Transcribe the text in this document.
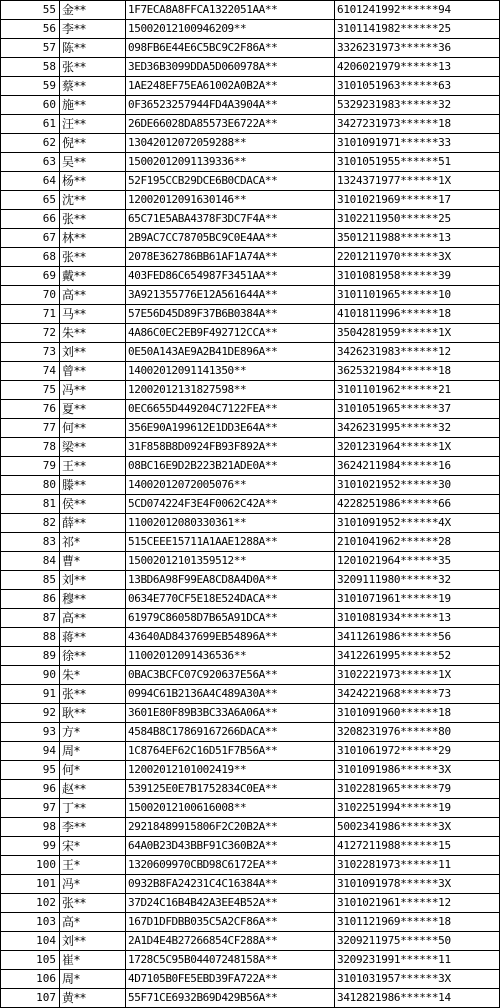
55	金**	1F7ECA8A8FFCA1322051AA**	6101241992******94
56	李**	15002012100946209**	3101141982******25
57	陈**	098FB6E44E6C5BC9C2F86A**	3326231973******36
58	张**	3ED36B3099DDA5D060978A**	4206021979******13
59	蔡**	1AE248EF75EA61002A0B2A**	3101051963******63
60	施**	0F36523257944FD4A3904A**	5329231983******32
61	汪**	26DE66028DA85573E6722A**	3427231973******18
62	倪**	13042012072059288**	3101091971******33
63	吴**	15002012091139336**	3101051955******51
64	杨**	52F195CCB29DCE6B0CDACA**	1324371977******1X
65	沈**	12002012091630146**	3101021969******17
66	张**	65C71E5ABA4378F3DC7F4A**	3102211950******25
67	林**	2B9AC7CC78705BC9C0E4AA**	3501211988******13
68	张**	2078E362786BB61AF1A74A**	2201211970******3X
69	戴**	403FED86C654987F3451AA**	3101081958******39
70	高**	3A921355776E12A561644A**	3101101965******10
71	马**	57E56D45D89F37B6B0384A**	4101811996******18
72	朱**	4A86C0EC2EB9F492712CCA**	3504281959******1X
73	刘**	0E50A143AE9A2B41DE896A**	3426231983******12
74	曾**	14002012091141350**	3625321984******18
75	冯**	12002012131827598**	3101101962******21
76	夏**	0EC6655D449204C7122FEA**	3101051965******37
77	何**	356E90A199612E1DD3E64A**	3426231995******32
78	梁**	31F858B8D0924FB93F892A**	3201231964******1X
79	王**	08BC16E9D2B223B21ADE0A**	3624211984******16
80	滕**	14002012072005076**	3101021952******30
81	侯**	5CD074224F3E4F0062C42A**	4228251986******66
82	薛**	11002012080330361**	3101091952******4X
83	祁*	515CEEE15711A1AAE1288A**	2101041962******28
84	曹*	15002012101359512**	1201021964******35
85	刘**	13BD6A98F99EA8CD8A4D0A**	3209111980******32
86	穆**	0634E770CF5E18E524DACA**	3101071961******19
87	高**	61979C86058D7B65A91DCA**	3101081934******13
88	蒋**	43640AD8437699EB54896A**	3411261986******56
89	徐**	11002012091436536**	3412261995******52
90	朱*	0BAC3BCFC07C920637E56A**	3102221973******1X
91	张**	0994C61B2136A4C489A30A**	3424221968******73
92	耿**	3601E80F89B3BC33A6A06A**	3101091960******18
93	方*	4584B8C17869167266DACA**	3208231976******80
94	周*	1C8764EF62C16D51F7B56A**	3101061972******29
95	何*	12002012101002419**	3101091986******3X
96	赵**	539125E0E7B1752834C0EA**	3102281965******79
97	丁**	15002012100616008**	3102251994******19
98	李**	29218489915806F2C20B2A**	5002341986******3X
99	宋*	64A0B23D43BBF91C360B2A**	4127211988******15
100	王*	1320609970CBD98C6172EA**	3102281973******11
101	冯*	0932B8FA24231C4C16384A**	3101091978******3X
102	张**	37D24C16B4B42A3EE4B52A**	3101021961******12
103	高*	167D1DFDBB035C5A2CF86A**	3101121969******18
104	刘**	2A1D4E4B27266854CF288A**	3209211975******50
105	崔*	1728C5C95B04407248158A**	3209231991******11
106	周*	4D7105B0FE5EBD39FA722A**	3101031957******3X
107	黄**	55F71CE6932B69D429B56A**	3412821986******14
